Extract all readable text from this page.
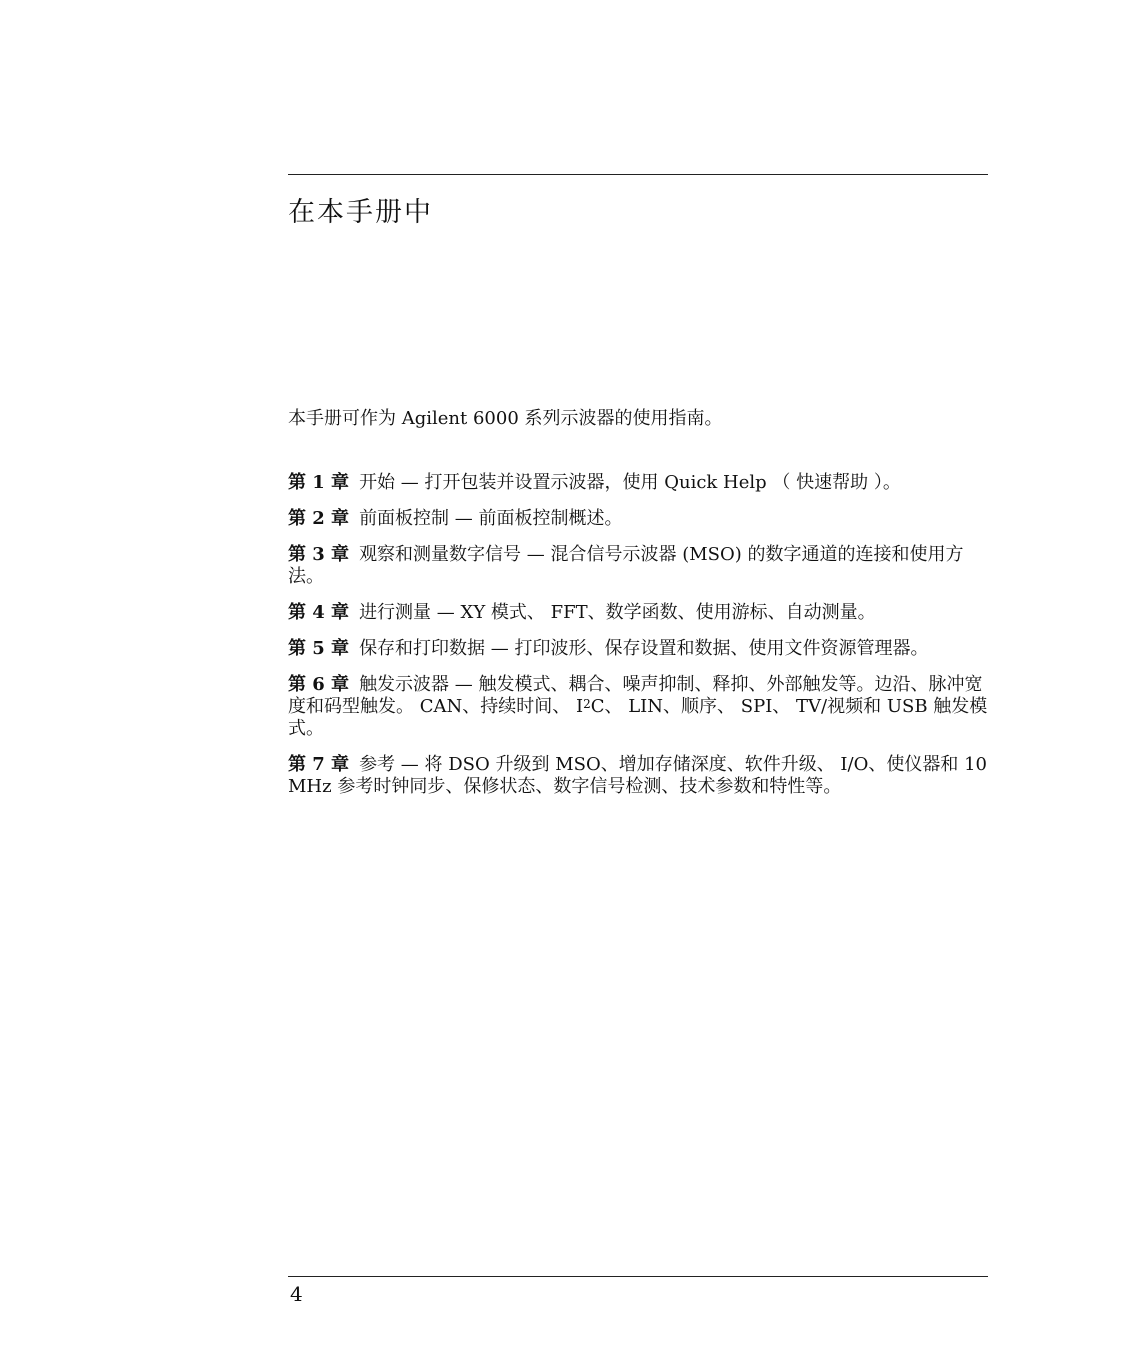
在本手册中

本手册可作为 Agilent 6000 系列示波器的使用指南。

第 1 章 开始 — 打开包装并设置示波器，使用 Quick Help （ 快速帮助 ）。
第 2 章 前面板控制 — 前面板控制概述。
第 3 章 观察和测量数字信号 — 混合信号示波器 (MSO) 的数字通道的连接和使用方法。
第 4 章 进行测量 — XY 模式、 FFT、数学函数、使用游标、自动测量。
第 5 章 保存和打印数据 — 打印波形、保存设置和数据、使用文件资源管理器。
第 6 章 触发示波器 — 触发模式、耦合、噪声抑制、释抑、外部触发等。边沿、脉冲宽度和码型触发。 CAN、持续时间、 $I^2C$、 LIN、顺序、 SPI、 TV/视频和 USB 触发模式。
第 7 章 参考 — 将 DSO 升级到 MSO、增加存储深度、软件升级、 I/O、使仪器和 10 MHz 参考时钟同步、保修状态、数字信号检测、技术参数和特性等。

4
